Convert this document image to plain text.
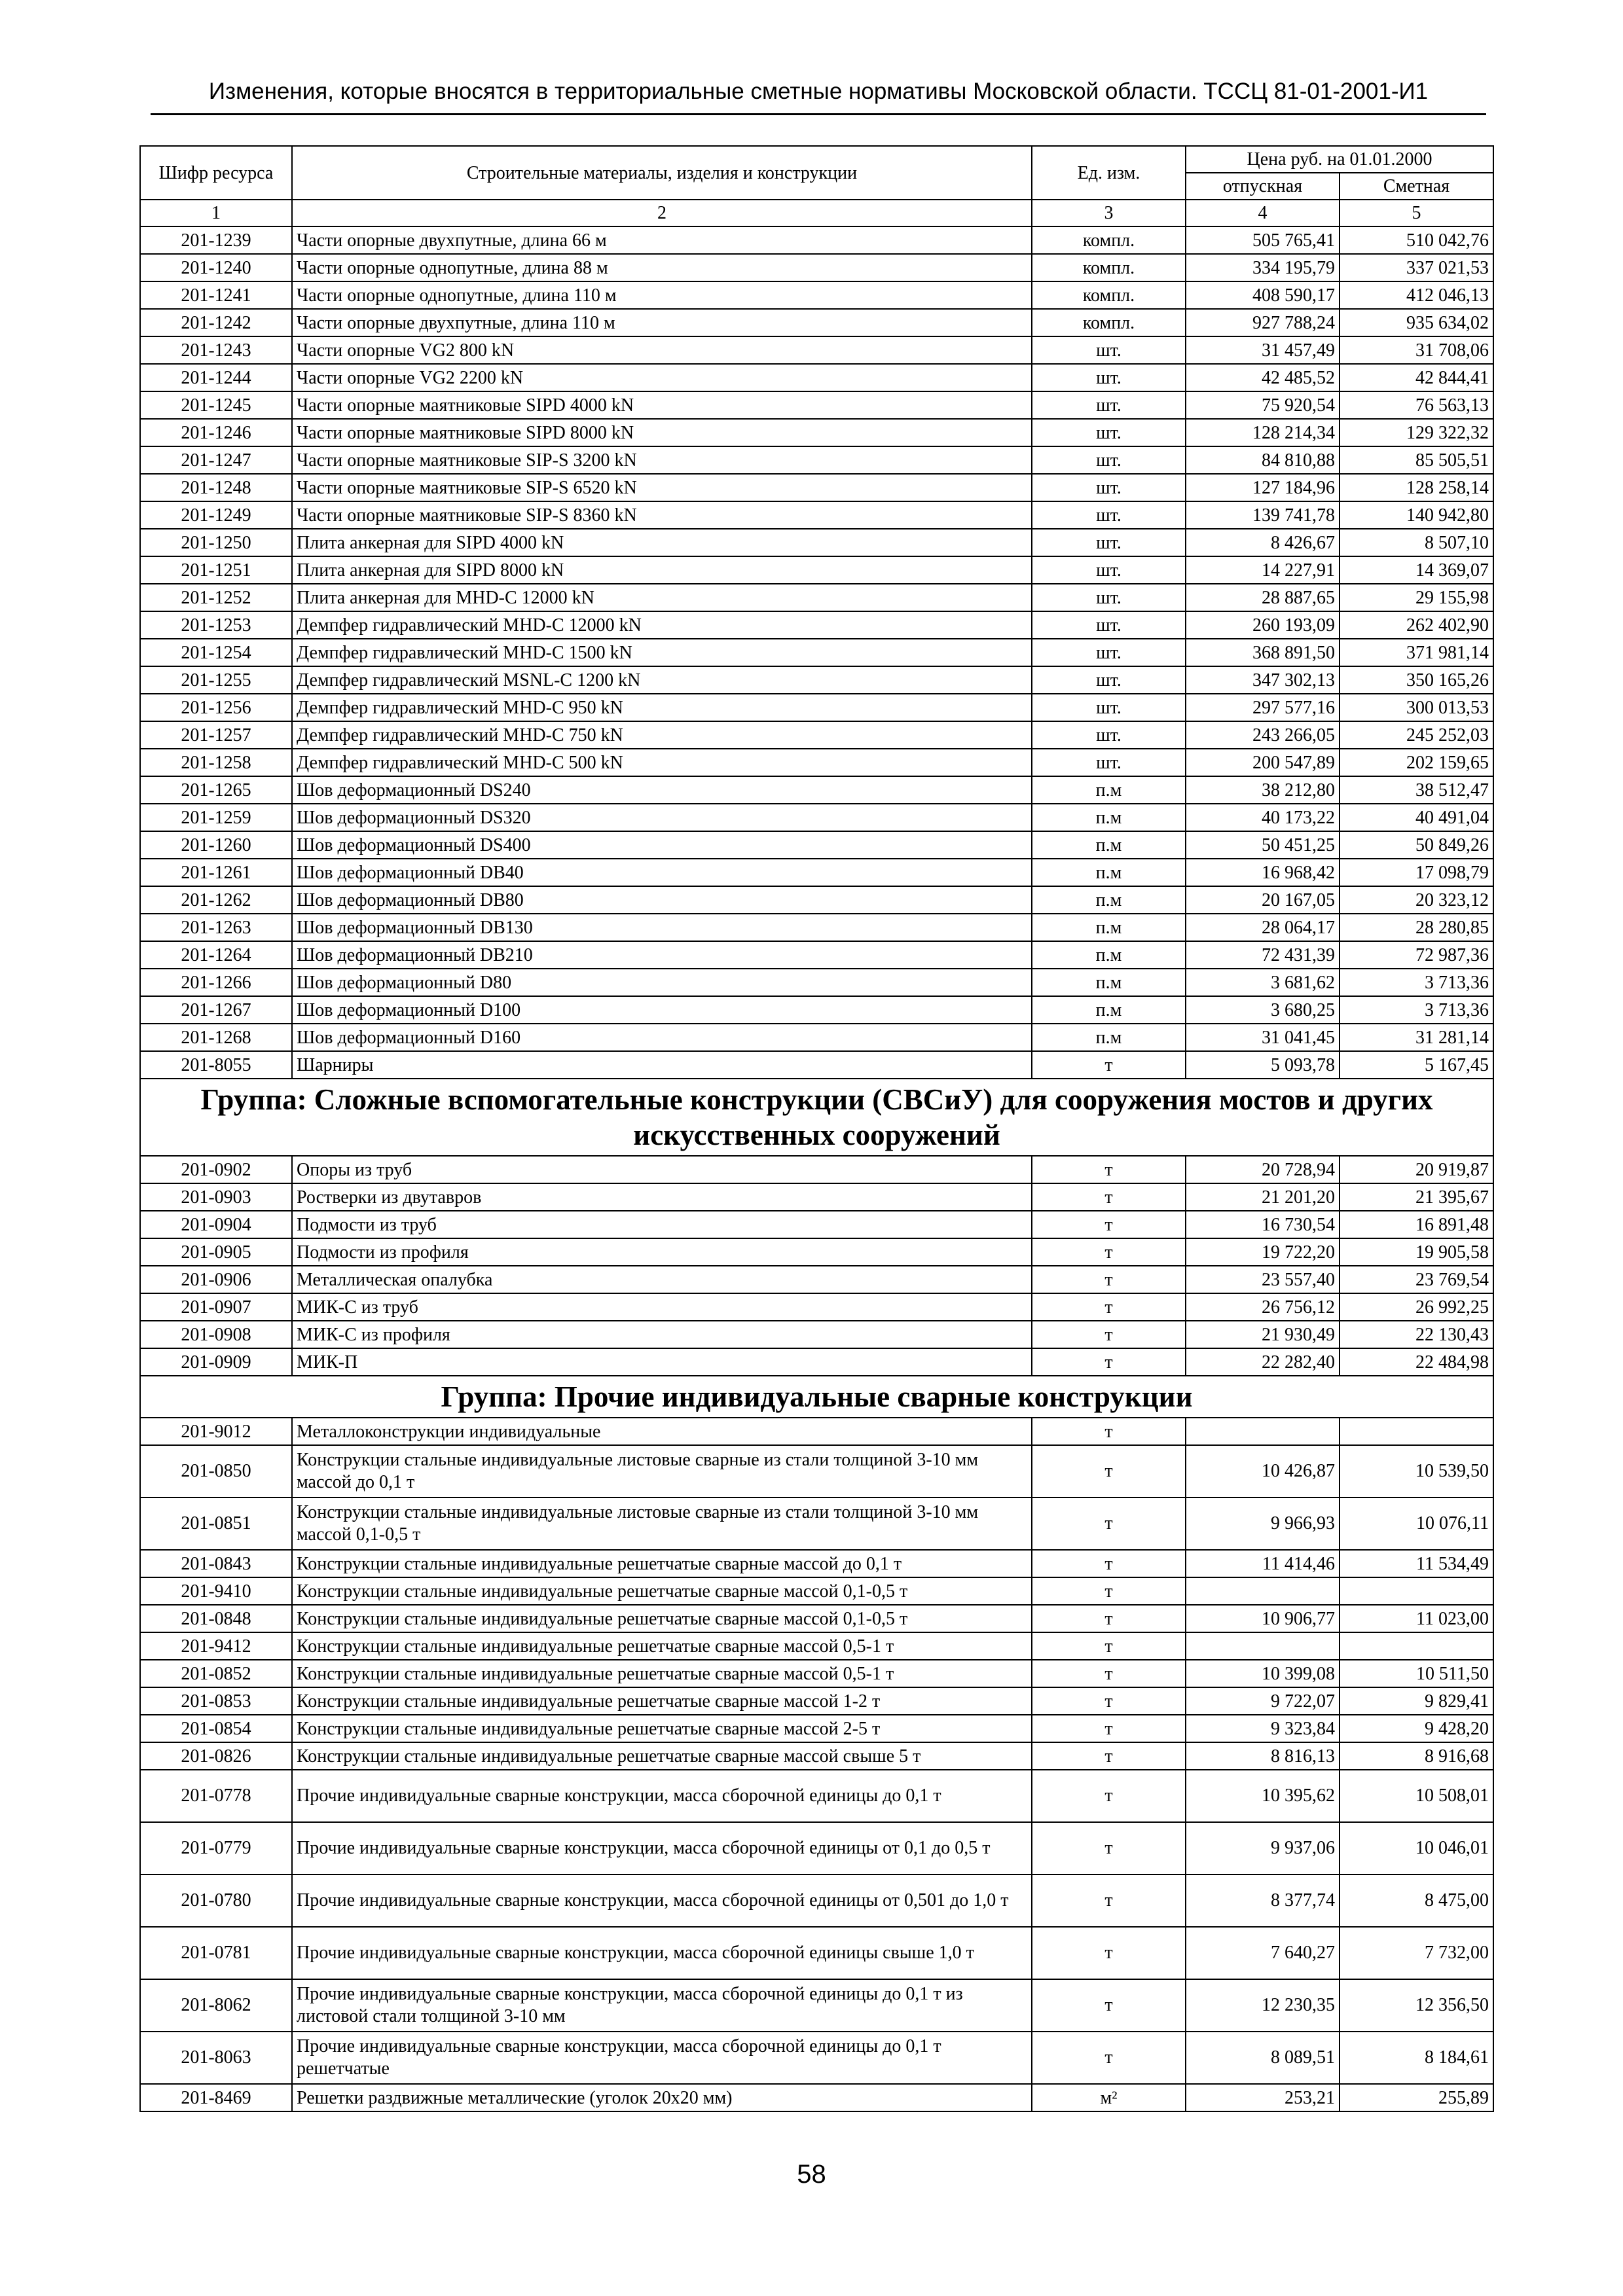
Изменения, которые вносятся в территориальные сметные нормативы Московской области. ТССЦ 81-01-2001-И1
Шифр ресурса	Строительные материалы, изделия и конструкции	Ед. изм.	Цена руб. на 01.01.2000	
			отпускная	Сметная
1	2	3	4	5
201-1239	Части опорные двухпутные, длина 66 м	компл.	505 765,41	510 042,76
201-1240	Части опорные однопутные, длина 88 м	компл.	334 195,79	337 021,53
201-1241	Части опорные однопутные, длина 110 м	компл.	408 590,17	412 046,13
201-1242	Части опорные двухпутные, длина 110 м	компл.	927 788,24	935 634,02
201-1243	Части опорные VG2 800 kN	шт.	31 457,49	31 708,06
201-1244	Части опорные VG2 2200 kN	шт.	42 485,52	42 844,41
201-1245	Части опорные маятниковые SIPD 4000 kN	шт.	75 920,54	76 563,13
201-1246	Части опорные маятниковые SIPD 8000 kN	шт.	128 214,34	129 322,32
201-1247	Части опорные маятниковые SIP-S 3200 kN	шт.	84 810,88	85 505,51
201-1248	Части опорные маятниковые SIP-S 6520 kN	шт.	127 184,96	128 258,14
201-1249	Части опорные маятниковые SIP-S 8360 kN	шт.	139 741,78	140 942,80
201-1250	Плита анкерная для SIPD 4000 kN	шт.	8 426,67	8 507,10
201-1251	Плита анкерная для SIPD 8000 kN	шт.	14 227,91	14 369,07
201-1252	Плита анкерная для MHD-C 12000 kN	шт.	28 887,65	29 155,98
201-1253	Демпфер гидравлический MHD-C 12000 kN	шт.	260 193,09	262 402,90
201-1254	Демпфер гидравлический MHD-C 1500 kN	шт.	368 891,50	371 981,14
201-1255	Демпфер гидравлический MSNL-C 1200 kN	шт.	347 302,13	350 165,26
201-1256	Демпфер гидравлический MHD-C 950 kN	шт.	297 577,16	300 013,53
201-1257	Демпфер гидравлический MHD-C 750 kN	шт.	243 266,05	245 252,03
201-1258	Демпфер гидравлический MHD-C 500 kN	шт.	200 547,89	202 159,65
201-1265	Шов деформационный DS240	п.м	38 212,80	38 512,47
201-1259	Шов деформационный DS320	п.м	40 173,22	40 491,04
201-1260	Шов деформационный DS400	п.м	50 451,25	50 849,26
201-1261	Шов деформационный DB40	п.м	16 968,42	17 098,79
201-1262	Шов деформационный DB80	п.м	20 167,05	20 323,12
201-1263	Шов деформационный DB130	п.м	28 064,17	28 280,85
201-1264	Шов деформационный DB210	п.м	72 431,39	72 987,36
201-1266	Шов деформационный D80	п.м	3 681,62	3 713,36
201-1267	Шов деформационный D100	п.м	3 680,25	3 713,36
201-1268	Шов деформационный D160	п.м	31 041,45	31 281,14
201-8055	Шарниры	т	5 093,78	5 167,45
Группа: Сложные вспомогательные конструкции (СВСиУ) для сооружения мостов и других искусственных сооружений				
201-0902	Опоры из труб	т	20 728,94	20 919,87
201-0903	Ростверки из двутавров	т	21 201,20	21 395,67
201-0904	Подмости из труб	т	16 730,54	16 891,48
201-0905	Подмости из профиля	т	19 722,20	19 905,58
201-0906	Металлическая опалубка	т	23 557,40	23 769,54
201-0907	МИК-С из труб	т	26 756,12	26 992,25
201-0908	МИК-С из профиля	т	21 930,49	22 130,43
201-0909	МИК-П	т	22 282,40	22 484,98
Группа: Прочие индивидуальные сварные конструкции				
201-9012	Металлоконструкции индивидуальные	т		
201-0850	Конструкции стальные индивидуальные листовые сварные из стали толщиной 3-10 мм массой до 0,1 т	т	10 426,87	10 539,50
201-0851	Конструкции стальные индивидуальные листовые сварные из стали толщиной 3-10 мм массой 0,1-0,5 т	т	9 966,93	10 076,11
201-0843	Конструкции стальные индивидуальные решетчатые сварные массой до 0,1 т	т	11 414,46	11 534,49
201-9410	Конструкции стальные индивидуальные решетчатые сварные массой 0,1-0,5 т	т		
201-0848	Конструкции стальные индивидуальные решетчатые сварные массой 0,1-0,5 т	т	10 906,77	11 023,00
201-9412	Конструкции стальные индивидуальные решетчатые сварные массой 0,5-1 т	т		
201-0852	Конструкции стальные индивидуальные решетчатые сварные массой 0,5-1 т	т	10 399,08	10 511,50
201-0853	Конструкции стальные индивидуальные решетчатые сварные массой 1-2 т	т	9 722,07	9 829,41
201-0854	Конструкции стальные индивидуальные решетчатые сварные массой 2-5 т	т	9 323,84	9 428,20
201-0826	Конструкции стальные индивидуальные решетчатые сварные массой свыше 5 т	т	8 816,13	8 916,68
201-0778	Прочие индивидуальные сварные конструкции, масса сборочной единицы до 0,1 т	т	10 395,62	10 508,01
201-0779	Прочие индивидуальные сварные конструкции, масса сборочной единицы от 0,1 до 0,5 т	т	9 937,06	10 046,01
201-0780	Прочие индивидуальные сварные конструкции, масса сборочной единицы от 0,501 до 1,0 т	т	8 377,74	8 475,00
201-0781	Прочие индивидуальные сварные конструкции, масса сборочной единицы свыше 1,0 т	т	7 640,27	7 732,00
201-8062	Прочие индивидуальные сварные конструкции, масса сборочной единицы до 0,1 т из листовой стали толщиной 3-10 мм	т	12 230,35	12 356,50
201-8063	Прочие индивидуальные сварные конструкции, масса сборочной единицы до 0,1 т решетчатые	т	8 089,51	8 184,61
201-8469	Решетки раздвижные металлические (уголок 20х20 мм)	м²	253,21	255,89
58
